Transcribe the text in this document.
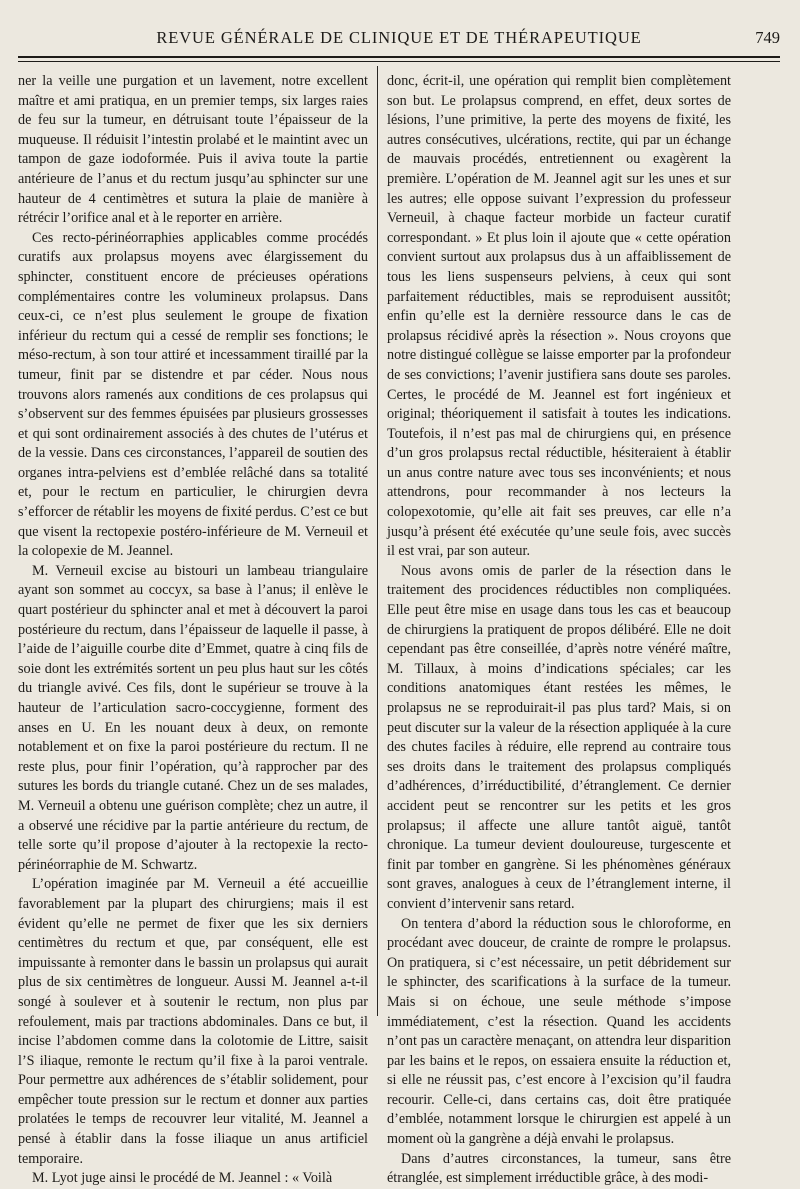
REVUE GÉNÉRALE DE CLINIQUE ET DE THÉRAPEUTIQUE	749

ner la veille une purgation et un lavement, notre excellent maître et ami pratiqua, en un premier temps, six larges raies de feu sur la tumeur, en détruisant toute l’épaisseur de la muqueuse. Il réduisit l’intestin prolabé et le maintint avec un tampon de gaze iodoformée. Puis il aviva toute la partie antérieure de l’anus et du rectum jusqu’au sphincter sur une hauteur de 4 centimètres et sutura la plaie de manière à rétrécir l’orifice anal et à le reporter en arrière.

Ces recto-périnéorraphies applicables comme procédés curatifs aux prolapsus moyens avec élargissement du sphincter, constituent encore de précieuses opérations complémentaires contre les volumineux prolapsus. Dans ceux-ci, ce n’est plus seulement le groupe de fixation inférieur du rectum qui a cessé de remplir ses fonctions; le méso-rectum, à son tour attiré et incessamment tiraillé par la tumeur, finit par se distendre et par céder. Nous nous trouvons alors ramenés aux conditions de ces prolapsus qui s’observent sur des femmes épuisées par plusieurs grossesses et qui sont ordinairement associés à des chutes de l’utérus et de la vessie. Dans ces circonstances, l’appareil de soutien des organes intra-pelviens est d’emblée relâché dans sa totalité et, pour le rectum en particulier, le chirurgien devra s’efforcer de rétablir les moyens de fixité perdus. C’est ce but que visent la rectopexie postéro-inférieure de M. Verneuil et la colopexie de M. Jeannel.

M. Verneuil excise au bistouri un lambeau triangulaire ayant son sommet au coccyx, sa base à l’anus; il enlève le quart postérieur du sphincter anal et met à découvert la paroi postérieure du rectum, dans l’épaisseur de laquelle il passe, à l’aide de l’aiguille courbe dite d’Emmet, quatre à cinq fils de soie dont les extrémités sortent un peu plus haut sur les côtés du triangle avivé. Ces fils, dont le supérieur se trouve à la hauteur de l’articulation sacro-coccygienne, forment des anses en U. En les nouant deux à deux, on remonte notablement et on fixe la paroi postérieure du rectum. Il ne reste plus, pour finir l’opération, qu’à rapprocher par des sutures les bords du triangle cutané. Chez un de ses malades, M. Verneuil a obtenu une guérison complète; chez un autre, il a observé une récidive par la partie antérieure du rectum, de telle sorte qu’il propose d’ajouter à la rectopexie la recto-périnéorraphie de M. Schwartz.

L’opération imaginée par M. Verneuil a été accueillie favorablement par la plupart des chirurgiens; mais il est évident qu’elle ne permet de fixer que les six derniers centimètres du rectum et que, par conséquent, elle est impuissante à remonter dans le bassin un prolapsus qui aurait plus de six centimètres de longueur. Aussi M. Jeannel a-t-il songé à soulever et à soutenir le rectum, non plus par refoulement, mais par tractions abdominales. Dans ce but, il incise l’abdomen comme dans la colotomie de Littre, saisit l’S iliaque, remonte le rectum qu’il fixe à la paroi ventrale. Pour permettre aux adhérences de s’établir solidement, pour empêcher toute pression sur le rectum et donner aux parties prolatées le temps de recouvrer leur vitalité, M. Jeannel a pensé à établir dans la fosse iliaque un anus artificiel temporaire.

M. Lyot juge ainsi le procédé de M. Jeannel : « Voilà

donc, écrit-il, une opération qui remplit bien complètement son but. Le prolapsus comprend, en effet, deux sortes de lésions, l’une primitive, la perte des moyens de fixité, les autres consécutives, ulcérations, rectite, qui par un échange de mauvais procédés, entretiennent ou exagèrent la première. L’opération de M. Jeannel agit sur les unes et sur les autres; elle oppose suivant l’expression du professeur Verneuil, à chaque facteur morbide un facteur curatif correspondant. » Et plus loin il ajoute que « cette opération convient surtout aux prolapsus dus à un affaiblissement de tous les liens suspenseurs pelviens, à ceux qui sont parfaitement réductibles, mais se reproduisent aussitôt; enfin qu’elle est la dernière ressource dans le cas de prolapsus récidivé après la résection ». Nous croyons que notre distingué collègue se laisse emporter par la profondeur de ses convictions; l’avenir justifiera sans doute ses paroles. Certes, le procédé de M. Jeannel est fort ingénieux et original; théoriquement il satisfait à toutes les indications. Toutefois, il n’est pas mal de chirurgiens qui, en présence d’un gros prolapsus rectal réductible, hésiteraient à établir un anus contre nature avec tous ses inconvénients; et nous attendrons, pour recommander à nos lecteurs la colopexotomie, qu’elle ait fait ses preuves, car elle n’a jusqu’à présent été exécutée qu’une seule fois, avec succès il est vrai, par son auteur.

Nous avons omis de parler de la résection dans le traitement des procidences réductibles non compliquées. Elle peut être mise en usage dans tous les cas et beaucoup de chirurgiens la pratiquent de propos délibéré. Elle ne doit cependant pas être conseillée, d’après notre vénéré maître, M. Tillaux, à moins d’indications spéciales; car les conditions anatomiques étant restées les mêmes, le prolapsus ne se reproduirait-il pas plus tard? Mais, si on peut discuter sur la valeur de la résection appliquée à la cure des chutes faciles à réduire, elle reprend au contraire tous ses droits dans le traitement des prolapsus compliqués d’adhérences, d’irréductibilité, d’étranglement. Ce dernier accident peut se rencontrer sur les petits et les gros prolapsus; il affecte une allure tantôt aiguë, tantôt chronique. La tumeur devient douloureuse, turgescente et finit par tomber en gangrène. Si les phénomènes généraux sont graves, analogues à ceux de l’étranglement interne, il convient d’intervenir sans retard.

On tentera d’abord la réduction sous le chloroforme, en procédant avec douceur, de crainte de rompre le prolapsus. On pratiquera, si c’est nécessaire, un petit débridement sur le sphincter, des scarifications à la surface de la tumeur. Mais si on échoue, une seule méthode s’impose immédiatement, c’est la résection. Quand les accidents n’ont pas un caractère menaçant, on attendra leur disparition par les bains et le repos, on essaiera ensuite la réduction et, si elle ne réussit pas, c’est encore à l’excision qu’il faudra recourir. Celle-ci, dans certains cas, doit être pratiquée d’emblée, notamment lorsque le chirurgien est appelé à un moment où la gangrène a déjà envahi le prolapsus.

Dans d’autres circonstances, la tumeur, sans être étranglée, est simplement irréductible grâce, à des modi-
